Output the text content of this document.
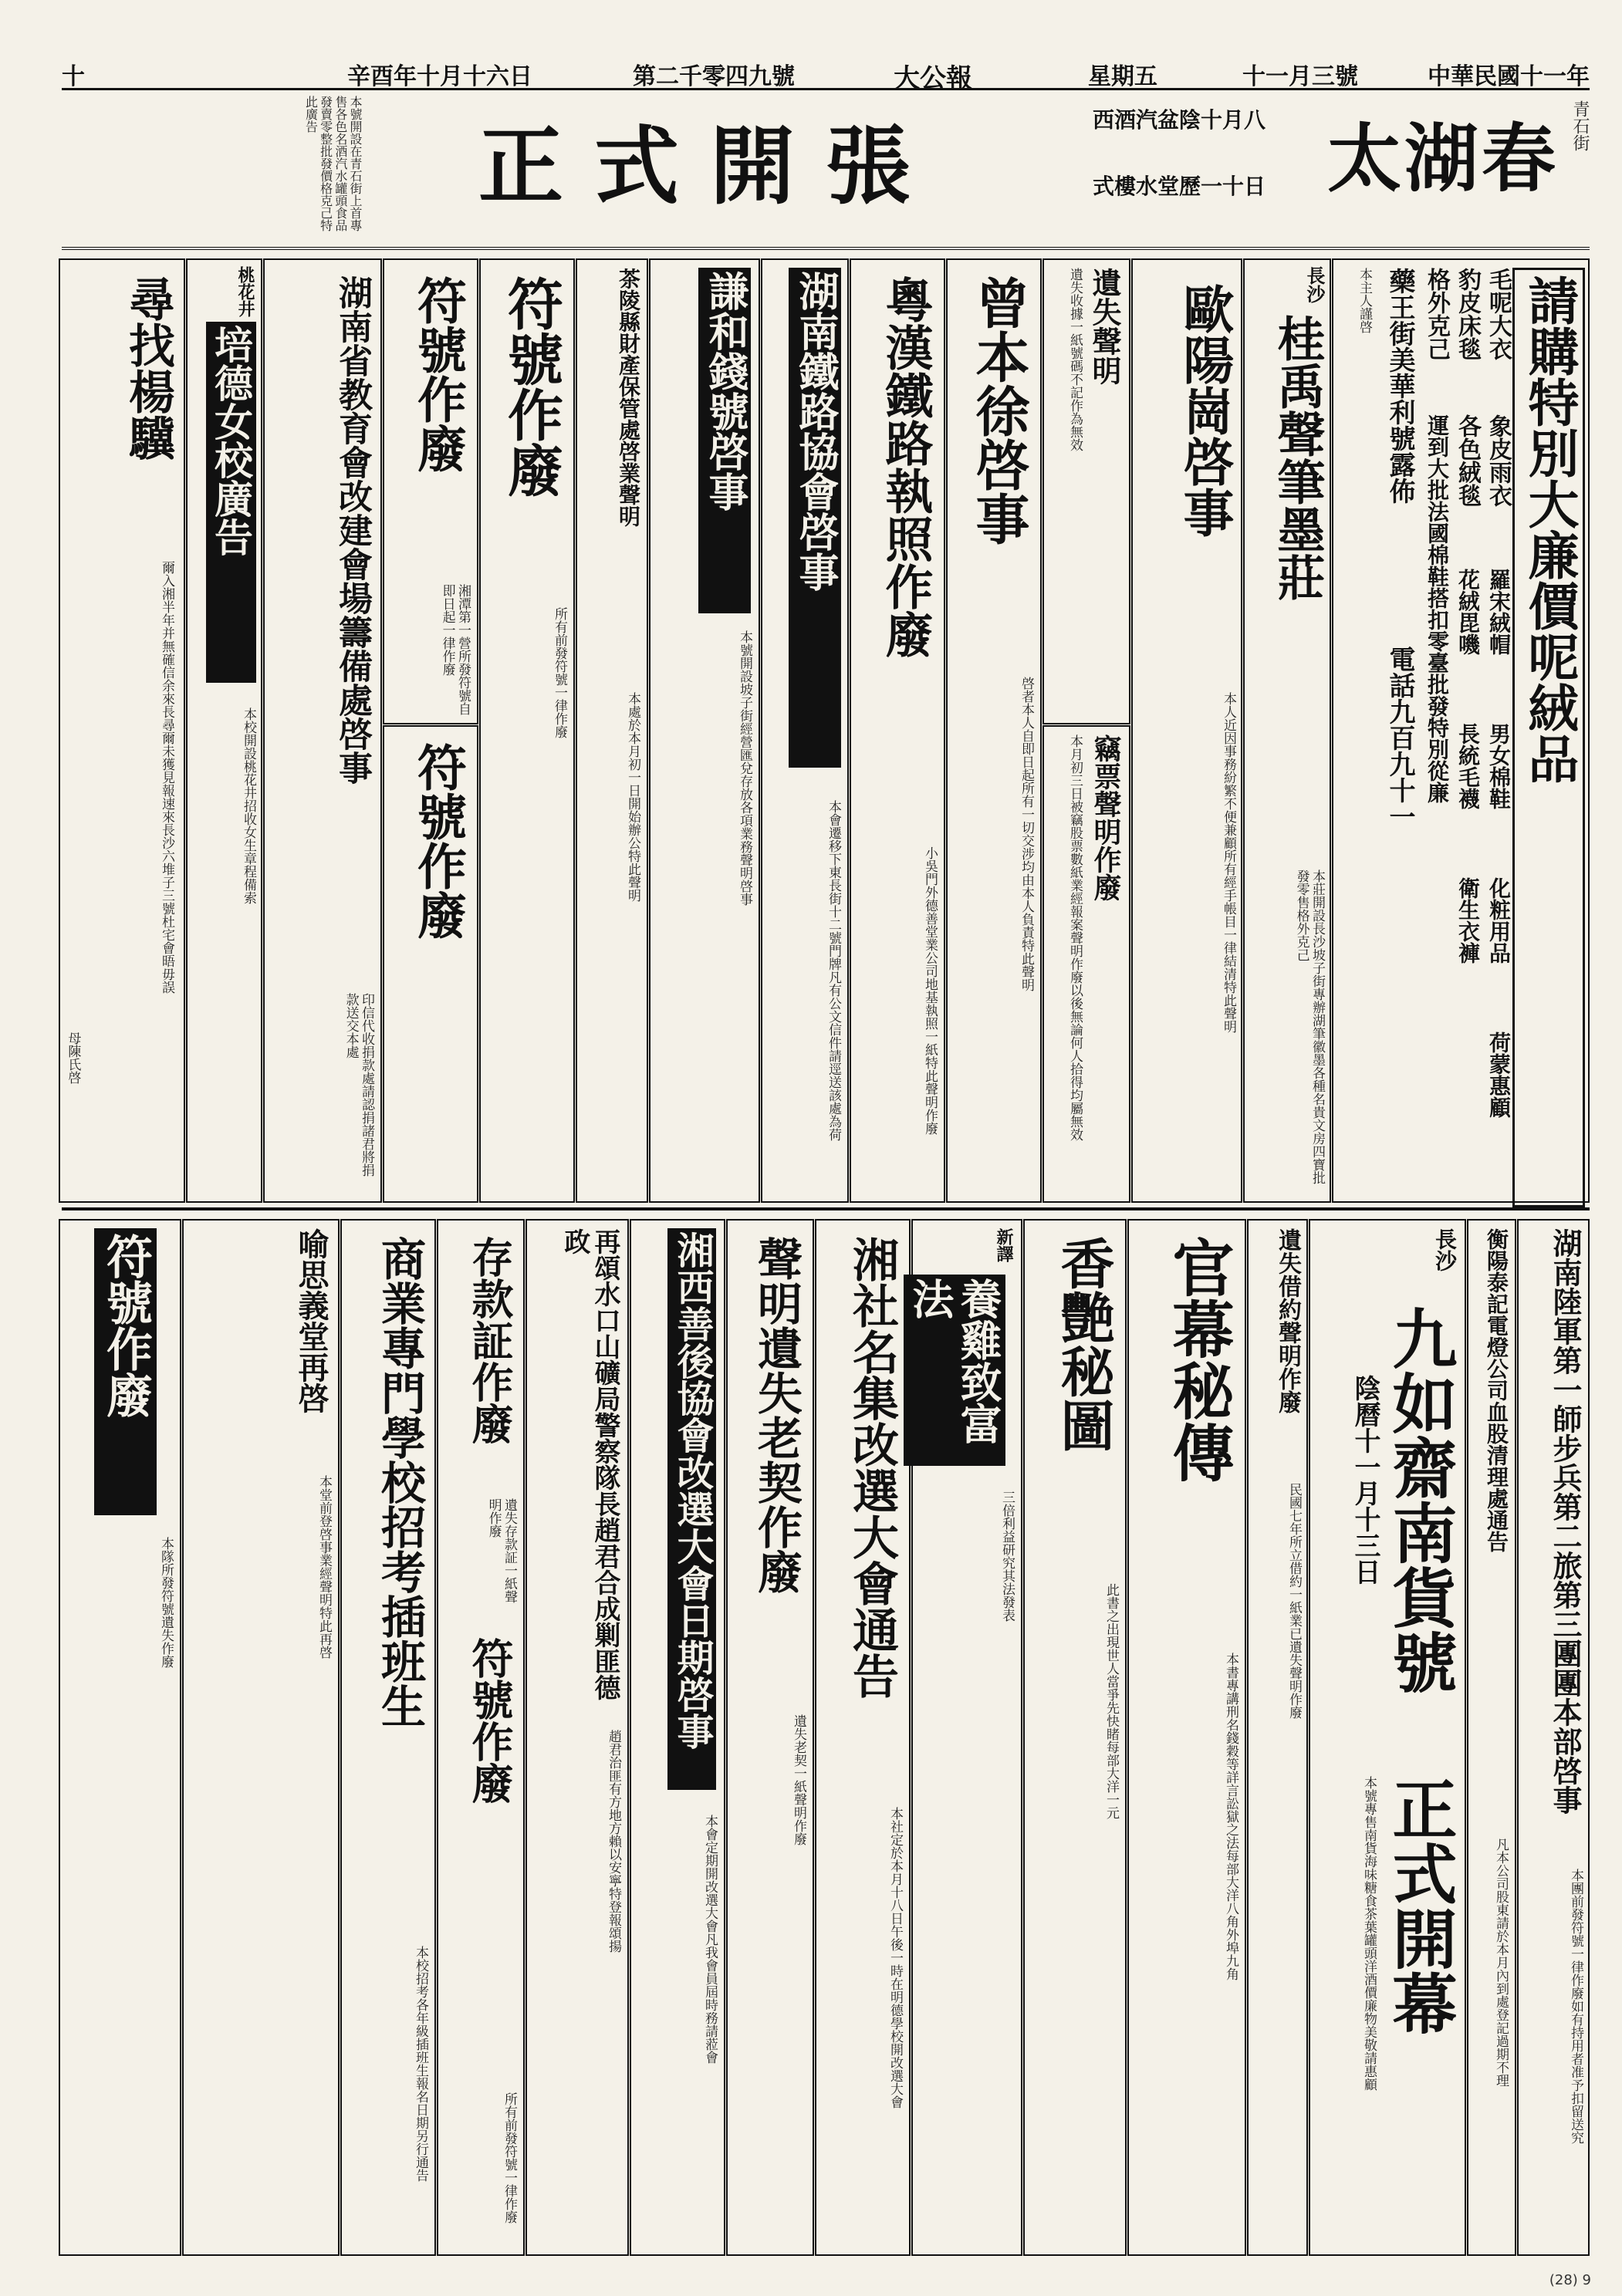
中華民國十一年
十一月三號
星期五
大公報
第二千零四九號
辛酉年十月十六日
十
青石街
太湖春
西酒汽盆陰十月八
式樓水堂歷一十日
正式開張
本號開設在青石街上首專售各色名酒汽水罐頭食品發賣零整批發價格克己特此廣告
請購特別大廉價呢絨品
毛呢大衣
象皮雨衣
豹皮床毯
各色絨毯
格外克己
羅宋絨帽
花絨毘嘰
運到大批法國棉鞋搭扣零臺批發特別從廉 男女棉鞋
長統毛襪
化粧用品
衛生衣褲
荷蒙惠顧
藥王街美華利號露佈
電話九百九十一
本主人謹啓
長沙
桂禹聲筆墨莊
本莊開設長沙坡子街專辦湖筆徽墨各種名貴文房四寶批發零售格外克己
歐陽崗啓事
本人近因事務紛繁不便兼顧所有經手帳目一律結清特此聲明
遺失聲明
遺失收據一紙號碼不記作為無效
竊票聲明作廢
本月初三日被竊股票數紙業經報案聲明作廢以後無論何人拾得均屬無效
曾本徐啓事
啓者本人自即日起所有一切交涉均由本人負責特此聲明
粵漢鐵路執照作廢
小吳門外德善堂業公司地基執照一紙特此聲明作廢
湖南鐵路協會啓事
本會遷移下東長街十二號門牌凡有公文信件請逕送該處為荷
謙和錢號啓事
本號開設坡子街經營匯兌存放各項業務聲明啓事
茶陵縣財產保管處啓業聲明
本處於本月初一日開始辦公特此聲明
符號作廢
所有前發符號一律作廢
符號作廢
湘潭第一營所發符號自即日起一律作廢
符號作廢
湖南省教育會改建會場籌備處啓事
印信代收捐款處請認捐諸君將捐款送交本處
桃花井
培德女校廣告
本校開設桃花井招收女生章程備索
尋找楊驥
爾入湘半年并無確信余來長尋爾未獲見報速來長沙六堆子三號杜宅會晤毋誤
母陳氏啓
湖南陸軍第一師步兵第二旅第三團團本部啓事
本團前發符號一律作廢如有持用者准予扣留送究
衡陽泰記電燈公司血股清理處通告
凡本公司股東請於本月內到處登記過期不理
長沙
九如齋南貨號
陰曆十一月十三日
正式開幕
本號專售南貨海味糖食茶葉罐頭洋酒價廉物美敬請惠顧
遺失借約聲明作廢
民國七年所立借約一紙業已遺失聲明作廢
官幕秘傳
本書專講刑名錢穀等詳言訟獄之法每部大洋八角外埠九角
香艷秘圖
此書之出現世人當爭先快睹每部大洋一元
新譯
養雞致富法
三倍利益研究其法發表
湘社名集改選大會通告
本社定於本月十八日午後一時在明德學校開改選大會
聲明遺失老契作廢
遺失老契一紙聲明作廢
湘西善後協會改選大會日期啓事
本會定期開改選大會凡我會員屆時務請蒞會
再頌水口山礦局警察隊長趙君合成剿匪德政
趙君治匪有方地方賴以安寧特登報頌揚
存款証作廢
遺失存款証一紙聲明作廢
符號作廢
所有前發符號一律作廢
商業專門學校招考插班生
本校招考各年級插班生報名日期另行通告
喻思義堂再啓
本堂前登啓事業經聲明特此再啓
符號作廢
本隊所發符號遺失作廢
(28) 9
